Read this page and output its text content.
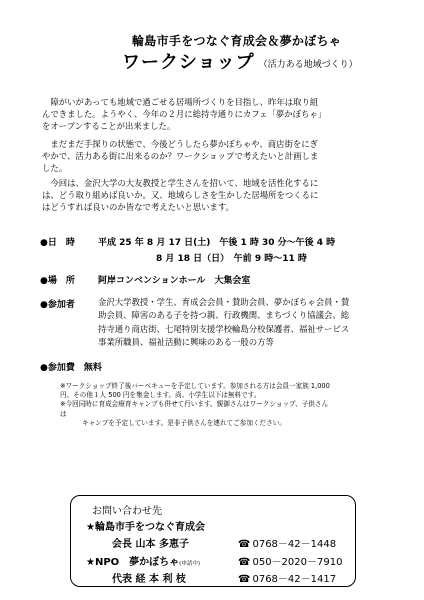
輪島市手をつなぐ育成会＆夢かぼちゃ
ワークショップ （活力ある地域づくり）
障がいがあっても地域で過ごせる居場所づくりを目指し、昨年は取り組
んできました。ようやく、今年の２月に総持寺通りにカフェ「夢かぼちゃ」
をオープンすることが出来ました。
まだまだ手探りの状態で、今後どうしたら夢かぼちゃや、商店街をにぎ
やかで、活力ある街に出来るのか？ワークショップで考えたいと計画しま
した。
今回は、金沢大学の大友教授と学生さんを招いて、地域を活性化するに
は、どう取り組めば良いか。又、地域らしさを生かした居場所をつくるに
はどうすれば良いのか皆なで考えたいと思います。
●日　時	平成 25 年 8 月 17 日(土)　午後 1 時 30 分～午後 4 時
8 月 18 日（日）　午前 9 時～11 時
●場　所	阿岸コンベンションホール　大集会室
●参加者	金沢大学教授・学生、育成会会員・賛助会員、夢かぼちゃ会員・賛
助会員、障害のある子を持つ親、行政機関、まちづくり協議会、総
持寺通り商店街、七尾特別支援学校輪島分校保護者、福祉サービス
事業所職員、福祉活動に興味のある一般の方等
●参加費　無料
※ワークショップ終了後バーベキューを予定しています。参加される方は会員一家族 1,000
円、その他１人 500 円を集金します。尚、小学生以下は無料です。
※今回同時に育成会療育キャンプも併せて行います。親御さんはワークショップ、子供さん
は
キャンプを予定しています。是非子供さんを連れてご参加ください。
お問い合わせ先
★輪島市手をつなぐ育成会
会長 山本 多恵子	☎ 0768－42－1448
★NPO　夢かぼちゃ(申請中)	☎ 050－2020－7910
代表 経 本 利 枝	☎ 0768－42－1417
